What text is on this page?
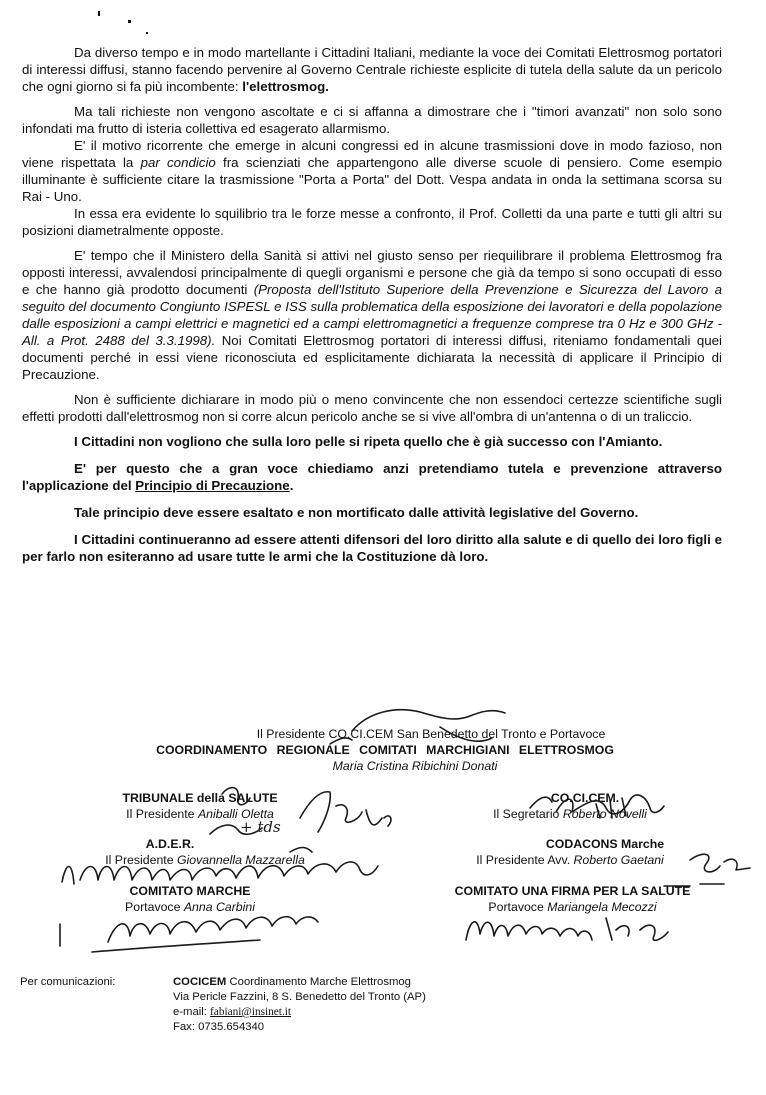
Da diverso tempo e in modo martellante i Cittadini Italiani, mediante la voce dei Comitati Elettrosmog portatori di interessi diffusi, stanno facendo pervenire al Governo Centrale richieste esplicite di tutela della salute da un pericolo che ogni giorno si fa più incombente: l'elettrosmog.

Ma tali richieste non vengono ascoltate e ci si affanna a dimostrare che i "timori avanzati" non solo sono infondati ma frutto di isteria collettiva ed esagerato allarmismo.

E' il motivo ricorrente che emerge in alcuni congressi ed in alcune trasmissioni dove in modo fazioso, non viene rispettata la par condicio fra scienziati che appartengono alle diverse scuole di pensiero. Come esempio illuminante è sufficiente citare la trasmissione "Porta a Porta" del Dott. Vespa andata in onda la settimana scorsa su Rai - Uno.

In essa era evidente lo squilibrio tra le forze messe a confronto, il Prof. Colletti da una parte e tutti gli altri su posizioni diametralmente opposte.

E' tempo che il Ministero della Sanità si attivi nel giusto senso per riequilibrare il problema Elettrosmog fra opposti interessi, avvalendosi principalmente di quegli organismi e persone che già da tempo si sono occupati di esso e che hanno già prodotto documenti (Proposta dell'Istituto Superiore della Prevenzione e Sicurezza del Lavoro a seguito del documento Congiunto ISPESL e ISS sulla problematica della esposizione dei lavoratori e della popolazione dalle esposizioni a campi elettrici e magnetici ed a campi elettromagnetici a frequenze comprese tra 0 Hz e 300 GHz - All. a Prot. 2488 del 3.3.1998). Noi Comitati Elettrosmog portatori di interessi diffusi, riteniamo fondamentali quei documenti perché in essi viene riconosciuta ed esplicitamente dichiarata la necessità di applicare il Principio di Precauzione.

Non è sufficiente dichiarare in modo più o meno convincente che non essendoci certezze scientifiche sugli effetti prodotti dall'elettrosmog non si corre alcun pericolo anche se si vive all'ombra di un'antenna o di un traliccio.

I Cittadini non vogliono che sulla loro pelle si ripeta quello che è già successo con l'Amianto.

E' per questo che a gran voce chiediamo anzi pretendiamo tutela e prevenzione attraverso l'applicazione del Principio di Precauzione.

Tale principio deve essere esaltato e non mortificato dalle attività legislative del Governo.

I Cittadini continueranno ad essere attenti difensori del loro diritto alla salute e di quello dei loro figli e per farlo non esiteranno ad usare tutte le armi che la Costituzione dà loro.

Il Presidente CO.CI.CEM San Benedetto del Tronto e Portavoce
COORDINAMENTO REGIONALE COMITATI MARCHIGIANI ELETTROSMOG
Maria Cristina Ribichini Donati
TRIBUNALE della SALUTE
Il Presidente Aniballi Oletta
A.D.E.R.
Il Presidente Giovannella Mazzarella
COMITATO MARCHE
Portavoce Anna Carbini
CO.CI.CEM.
Il Segretario Roberto Novelli
CODACONS Marche
Il Presidente Avv. Roberto Gaetani
COMITATO UNA FIRMA PER LA SALUTE
Portavoce Mariangela Mecozzi
+ tds
Per comunicazioni:	COCICEM Coordinamento Marche Elettrosmog
Via Pericle Fazzini, 8 S. Benedetto del Tronto (AP)
e-mail: fabiani@insinet.it
Fax: 0735.654340
